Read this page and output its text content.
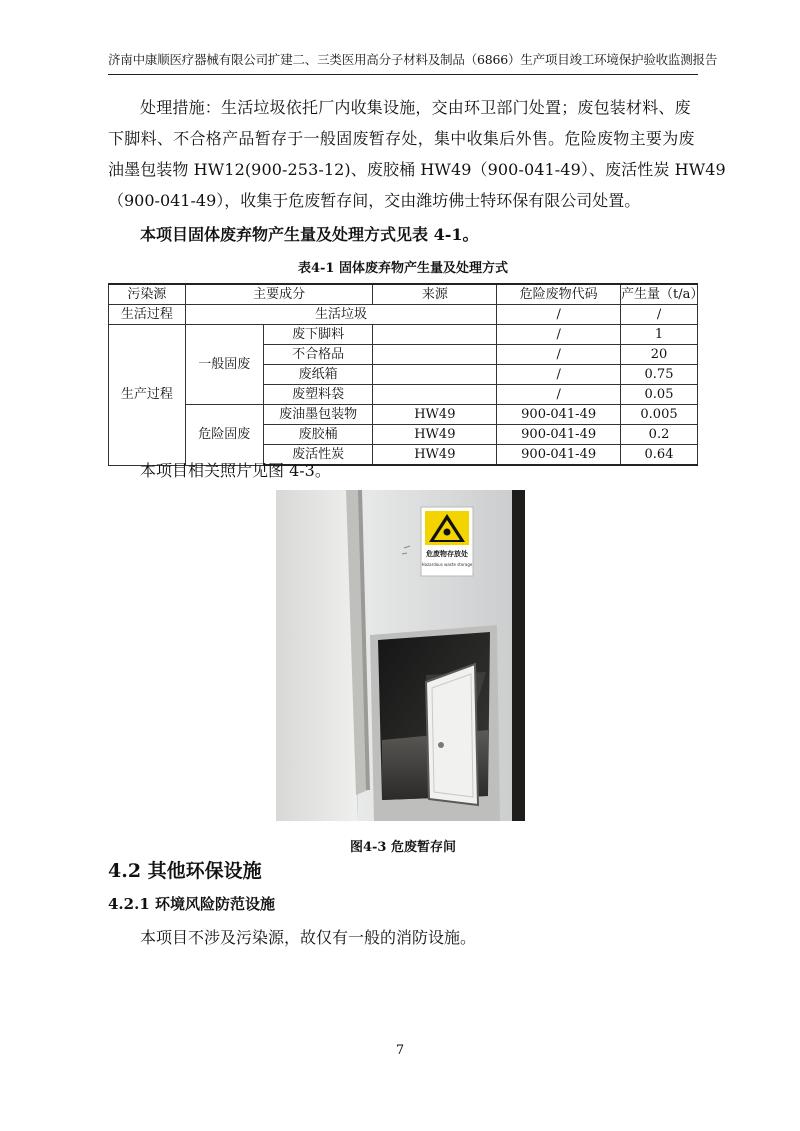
济南中康顺医疗器械有限公司扩建二、三类医用高分子材料及制品（6866）生产项目竣工环境保护验收监测报告
处理措施：生活垃圾依托厂内收集设施，交由环卫部门处置；废包装材料、废
下脚料、不合格产品暂存于一般固废暂存处，集中收集后外售。危险废物主要为废
油墨包装物 HW12(900-253-12)、废胶桶 HW49（900-041-49）、废活性炭 HW49
（900-041-49），收集于危废暂存间，交由潍坊佛士特环保有限公司处置。
本项目固体废弃物产生量及处理方式见表 4-1。
表4-1 固体废弃物产生量及处理方式
污染源	主要成分		来源	危险废物代码	产生量（t/a）
生活过程	生活垃圾			/	/
生产过程	一般固废	废下脚料		/	1
		不合格品		/	20
		废纸箱		/	0.75
		废塑料袋		/	0.05
	危险固废	废油墨包装物	HW49	900-041-49	0.005
		废胶桶	HW49	900-041-49	0.2
		废活性炭	HW49	900-041-49	0.64
本项目相关照片见图 4-3。
危废物存放处
Hazardous waste storage
图4-3 危废暂存间
4.2 其他环保设施
4.2.1 环境风险防范设施
本项目不涉及污染源，故仅有一般的消防设施。
7
